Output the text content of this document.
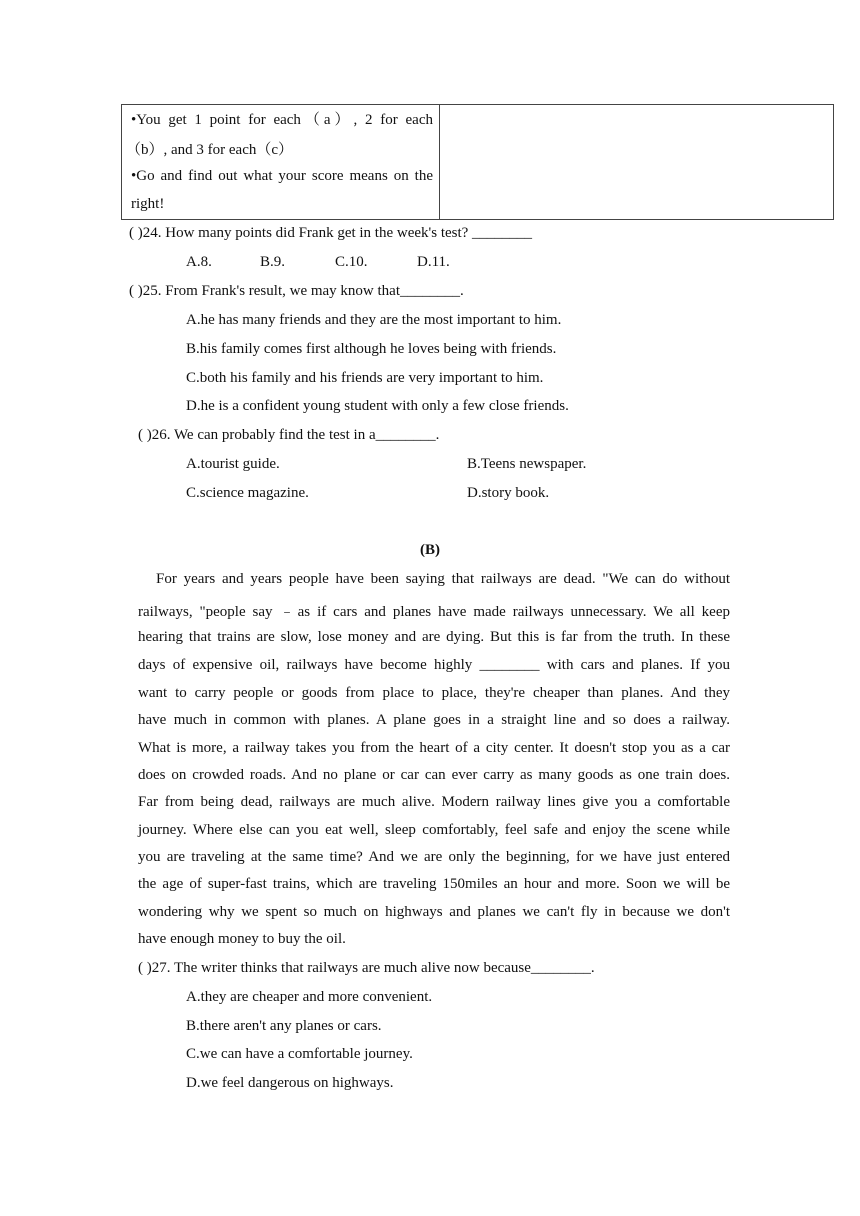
•You get 1 point for each（a）, 2 for each
（b）, and 3 for each（c）
•Go and find out what your score means on the
right!
( )24. How many points did Frank get in the week's test? ________
A.8.	B.9.	C.10.	D.11.
( )25. From Frank's result, we may know that________.
A.he has many friends and they are the most important to him.
B.his family comes first although he loves being with friends.
C.both his family and his friends are very important to him.
D.he is a confident young student with only a few close friends.
( )26. We can probably find the test in a________.
A.tourist guide.	B.Teens newspaper.
C.science magazine.	D.story book.
(B)
For years and years people have been saying that railways are dead. "We can do without
railways, "people say ﹣as if cars and planes have made railways unnecessary. We all keep
hearing that trains are slow, lose money and are dying. But this is far from the truth. In these
days of expensive oil, railways have become highly ________ with cars and planes. If you
want to carry people or goods from place to place, they're cheaper than planes. And they
have much in common with planes. A plane goes in a straight line and so does a railway.
What is more, a railway takes you from the heart of a city center. It doesn't stop you as a car
does on crowded roads. And no plane or car can ever carry as many goods as one train does.
Far from being dead, railways are much alive. Modern railway lines give you a comfortable
journey. Where else can you eat well, sleep comfortably, feel safe and enjoy the scene while
you are traveling at the same time? And we are only the beginning, for we have just entered
the age of super-fast trains, which are traveling 150miles an hour and more. Soon we will be
wondering why we spent so much on highways and planes we can't fly in because we don't
have enough money to buy the oil.
( )27. The writer thinks that railways are much alive now because________.
A.they are cheaper and more convenient.
B.there aren't any planes or cars.
C.we can have a comfortable journey.
D.we feel dangerous on highways.
